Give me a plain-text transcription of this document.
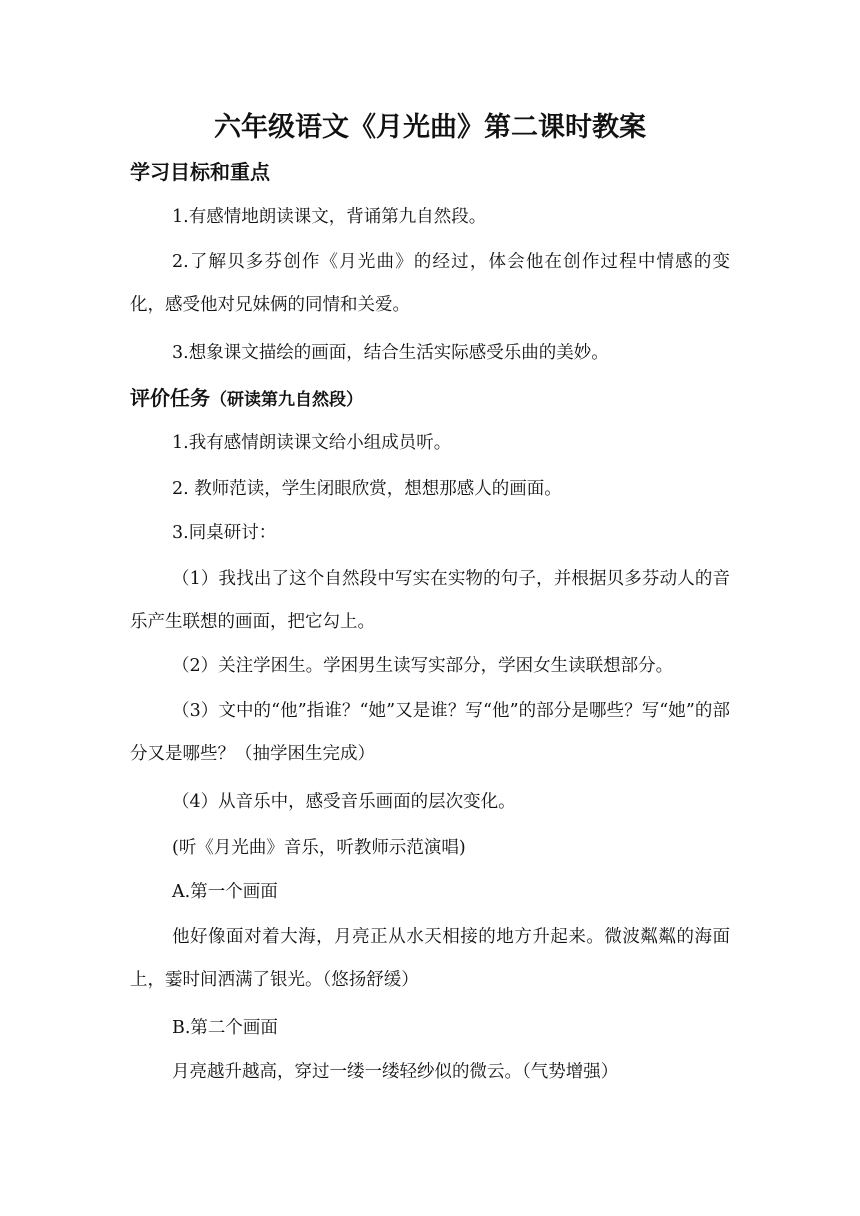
六年级语文《月光曲》第二课时教案
学习目标和重点
1.有感情地朗读课文，背诵第九自然段。

2.了解贝多芬创作《月光曲》的经过，体会他在创作过程中情感的变化，感受他对兄妹俩的同情和关爱。

3.想象课文描绘的画面，结合生活实际感受乐曲的美妙。
评价任务（研读第九自然段）
1.我有感情朗读课文给小组成员听。
2. 教师范读，学生闭眼欣赏，想想那感人的画面。
3.同桌研讨：

（1）我找出了这个自然段中写实在实物的句子，并根据贝多芬动人的音乐产生联想的画面，把它勾上。

（2）关注学困生。学困男生读写实部分，学困女生读联想部分。

（3）文中的“他”指谁？“她”又是谁？写“他”的部分是哪些？写“她”的部分又是哪些？（抽学困生完成）

（4）从音乐中，感受音乐画面的层次变化。
(听《月光曲》音乐，听教师示范演唱)
A.第一个画面

他好像面对着大海，月亮正从水天相接的地方升起来。微波粼粼的海面上，霎时间洒满了银光。（悠扬舒缓）

B.第二个画面
月亮越升越高，穿过一缕一缕轻纱似的微云。（气势增强）
